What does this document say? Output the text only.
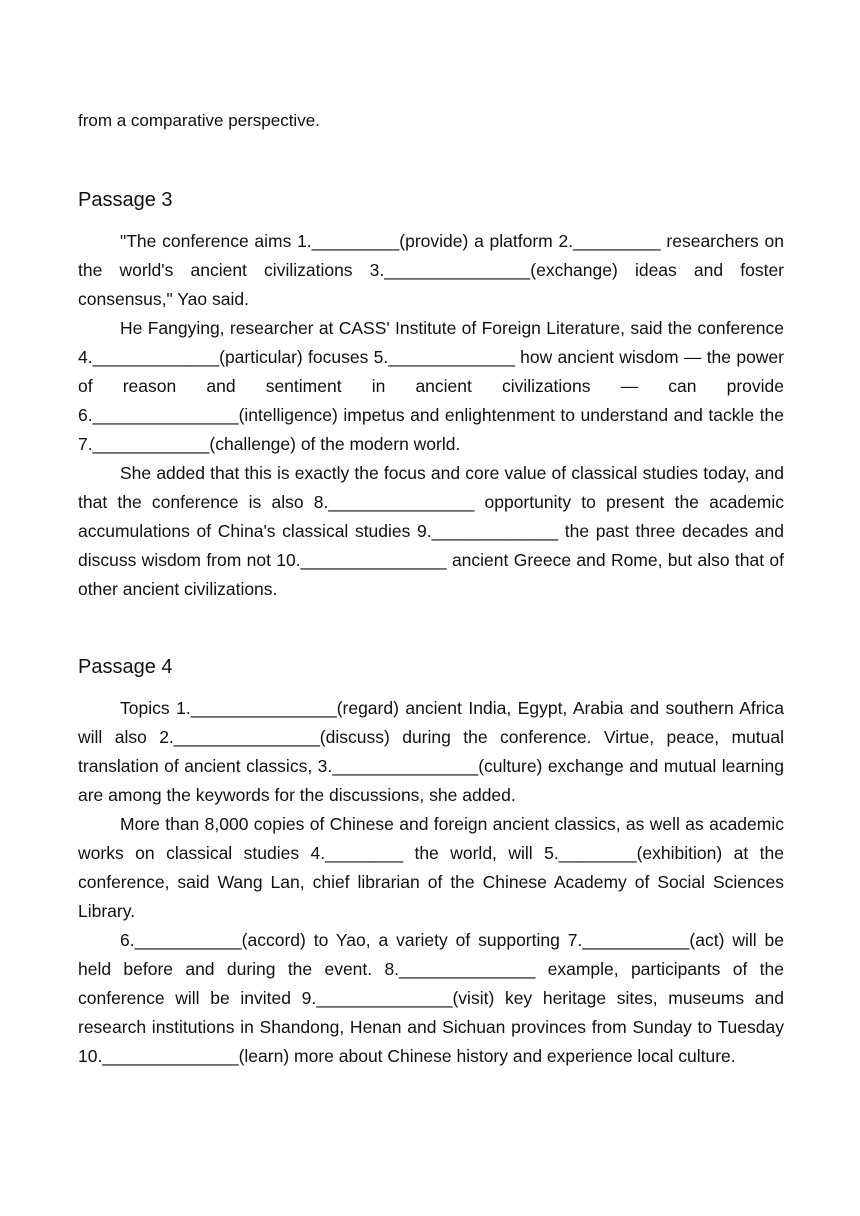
from a comparative perspective.

Passage 3

"The conference aims 1._________(provide) a platform 2._________ researchers on the world's ancient civilizations 3._______________(exchange) ideas and foster consensus," Yao said.

He Fangying, researcher at CASS' Institute of Foreign Literature, said the conference 4._____________(particular) focuses 5._____________ how ancient wisdom — the power of reason and sentiment in ancient civilizations — can provide 6._______________(intelligence) impetus and enlightenment to understand and tackle the 7.____________(challenge) of the modern world.

She added that this is exactly the focus and core value of classical studies today, and that the conference is also 8._______________ opportunity to present the academic accumulations of China's classical studies 9._____________ the past three decades and discuss wisdom from not 10._______________ ancient Greece and Rome, but also that of other ancient civilizations.

Passage 4

Topics 1._______________(regard) ancient India, Egypt, Arabia and southern Africa will also 2._______________(discuss) during the conference. Virtue, peace, mutual translation of ancient classics, 3._______________(culture) exchange and mutual learning are among the keywords for the discussions, she added.

More than 8,000 copies of Chinese and foreign ancient classics, as well as academic works on classical studies 4.________ the world, will 5.________(exhibition) at the conference, said Wang Lan, chief librarian of the Chinese Academy of Social Sciences Library.

6.___________(accord) to Yao, a variety of supporting 7.___________(act) will be held before and during the event. 8.______________ example, participants of the conference will be invited 9.______________(visit) key heritage sites, museums and research institutions in Shandong, Henan and Sichuan provinces from Sunday to Tuesday 10.______________(learn) more about Chinese history and experience local culture.
